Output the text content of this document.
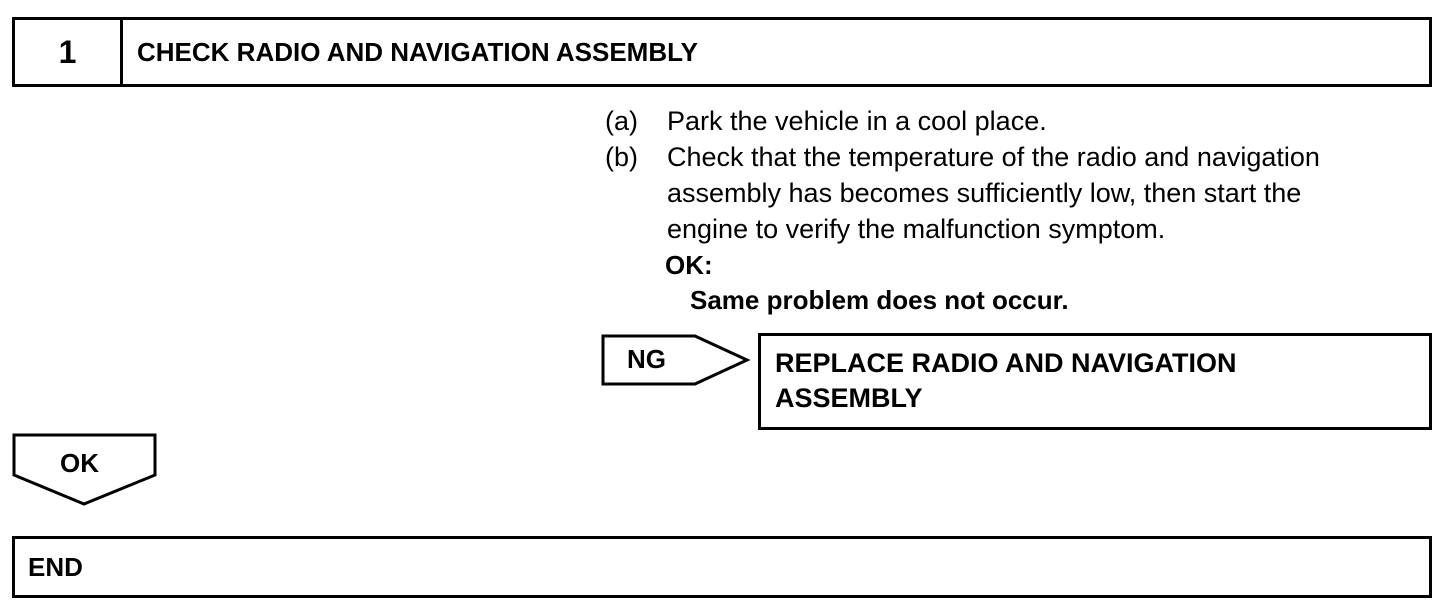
1	CHECK RADIO AND NAVIGATION ASSEMBLY
(a) Park the vehicle in a cool place.
(b) Check that the temperature of the radio and navigation
assembly has becomes sufficiently low, then start the
engine to verify the malfunction symptom.
OK:
Same problem does not occur.
NG	REPLACE RADIO AND NAVIGATION
ASSEMBLY
OK
END
